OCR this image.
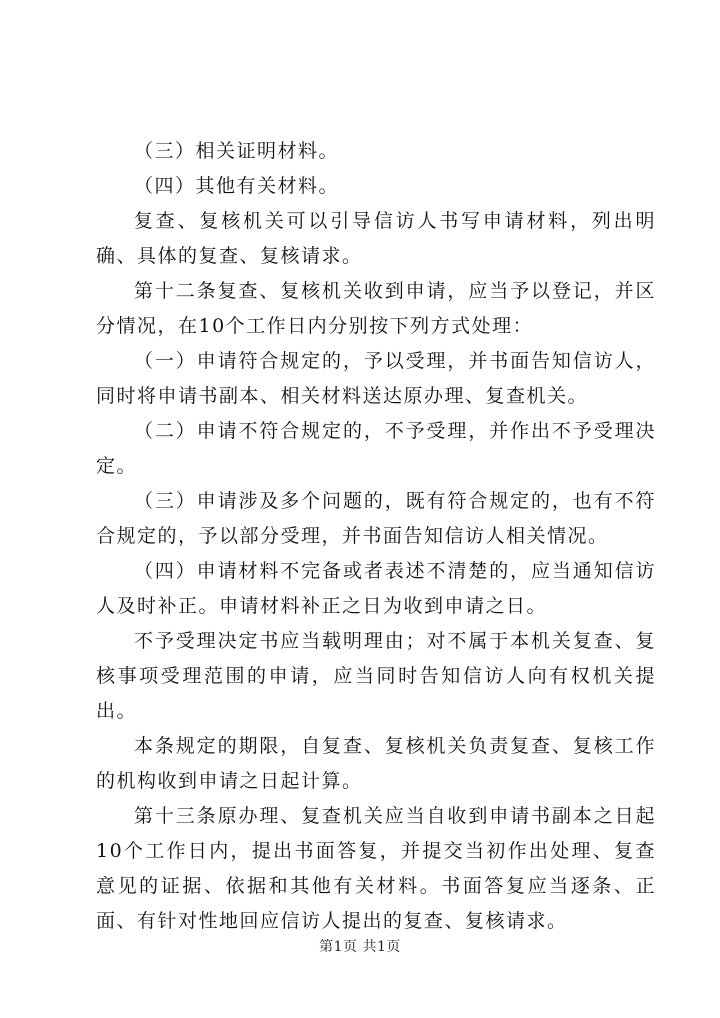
（三）相关证明材料。

（四）其他有关材料。

复查、复核机关可以引导信访人书写申请材料，列出明确、具体的复查、复核请求。

第十二条复查、复核机关收到申请，应当予以登记，并区分情况，在10个工作日内分别按下列方式处理：

（一）申请符合规定的，予以受理，并书面告知信访人，同时将申请书副本、相关材料送达原办理、复查机关。

（二）申请不符合规定的，不予受理，并作出不予受理决定。

（三）申请涉及多个问题的，既有符合规定的，也有不符合规定的，予以部分受理，并书面告知信访人相关情况。

（四）申请材料不完备或者表述不清楚的，应当通知信访人及时补正。申请材料补正之日为收到申请之日。

不予受理决定书应当载明理由；对不属于本机关复查、复核事项受理范围的申请，应当同时告知信访人向有权机关提出。

本条规定的期限，自复查、复核机关负责复查、复核工作的机构收到申请之日起计算。

第十三条原办理、复查机关应当自收到申请书副本之日起10个工作日内，提出书面答复，并提交当初作出处理、复查意见的证据、依据和其他有关材料。书面答复应当逐条、正面、有针对性地回应信访人提出的复查、复核请求。

第1页 共1页
